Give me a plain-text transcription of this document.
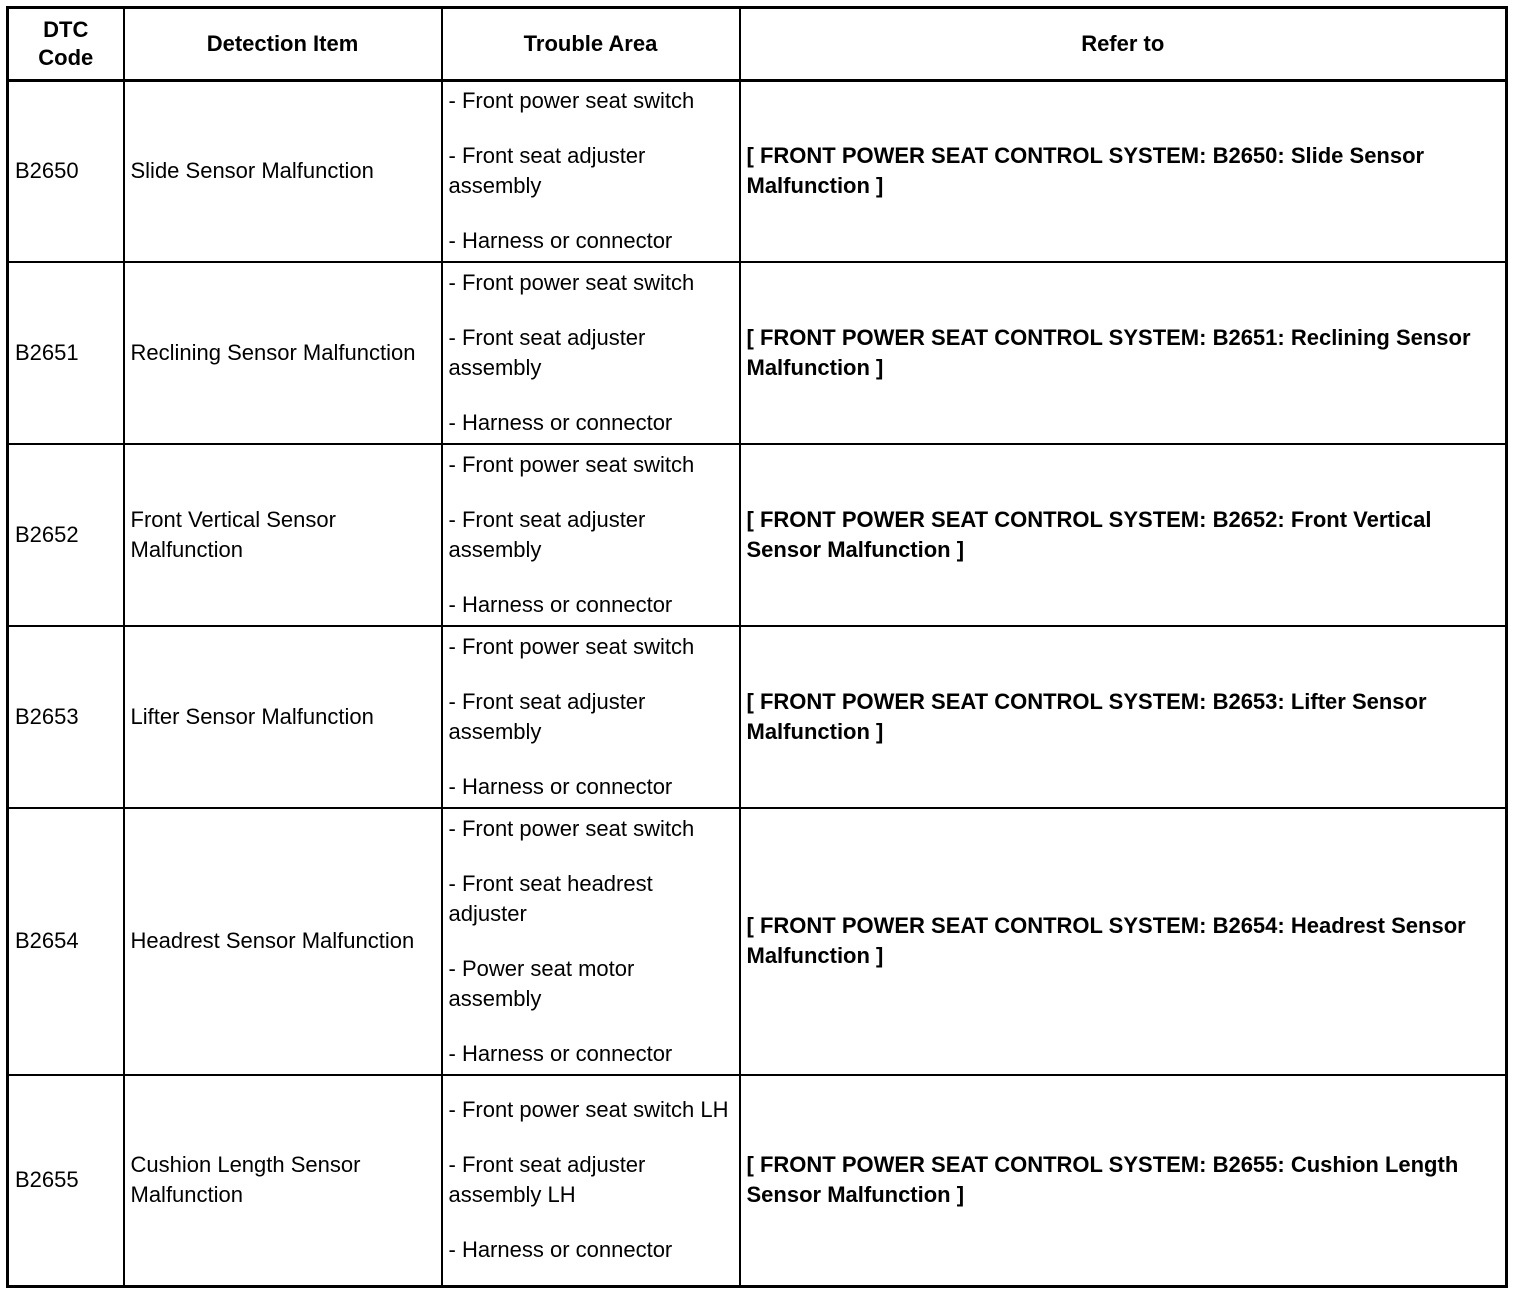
DTC Code	Detection Item	Trouble Area	Refer to
B2650	Slide Sensor Malfunction	- Front power seat switch
- Front seat adjuster assembly
- Harness or connector	[ FRONT POWER SEAT CONTROL SYSTEM: B2650: Slide Sensor Malfunction ]
B2651	Reclining Sensor Malfunction	- Front power seat switch
- Front seat adjuster assembly
- Harness or connector	[ FRONT POWER SEAT CONTROL SYSTEM: B2651: Reclining Sensor Malfunction ]
B2652	Front Vertical Sensor Malfunction	- Front power seat switch
- Front seat adjuster assembly
- Harness or connector	[ FRONT POWER SEAT CONTROL SYSTEM: B2652: Front Vertical Sensor Malfunction ]
B2653	Lifter Sensor Malfunction	- Front power seat switch
- Front seat adjuster assembly
- Harness or connector	[ FRONT POWER SEAT CONTROL SYSTEM: B2653: Lifter Sensor Malfunction ]
B2654	Headrest Sensor Malfunction	- Front power seat switch
- Front seat headrest adjuster
- Power seat motor assembly
- Harness or connector	[ FRONT POWER SEAT CONTROL SYSTEM: B2654: Headrest Sensor Malfunction ]
B2655	Cushion Length Sensor Malfunction	- Front power seat switch LH
- Front seat adjuster assembly LH
- Harness or connector	[ FRONT POWER SEAT CONTROL SYSTEM: B2655: Cushion Length Sensor Malfunction ]
